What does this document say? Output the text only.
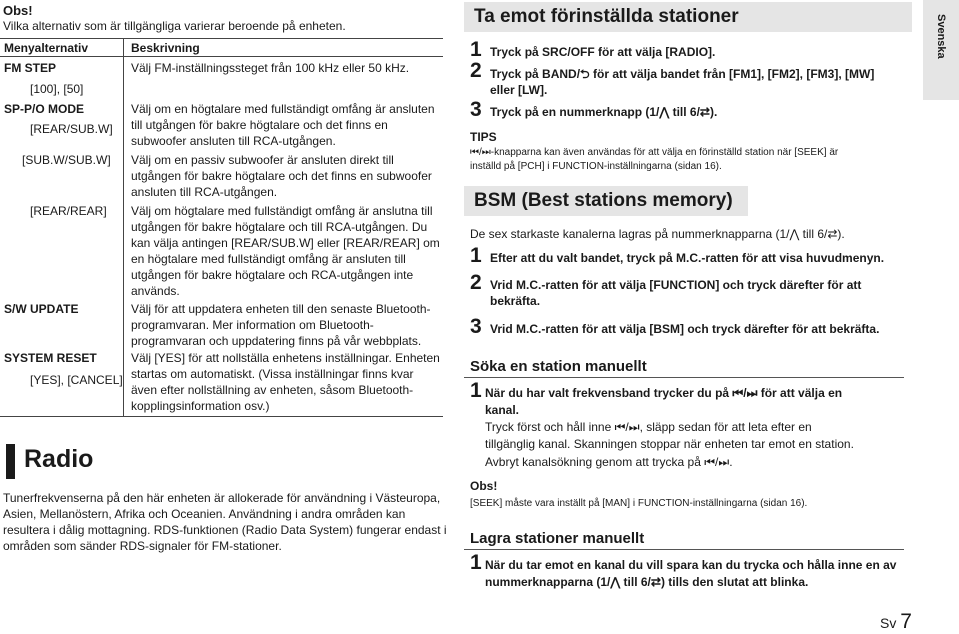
Obs!
Vilka alternativ som är tillgängliga varierar beroende på enheten.
Menyalternativ	Beskrivning
FM STEP
[100], [50]
Välj FM-inställningssteget från 100 kHz eller 50 kHz.
SP-P/O MODE
[REAR/SUB.W]
Välj om en högtalare med fullständigt omfång är ansluten till utgången för bakre högtalare och det finns en subwoofer ansluten till RCA-utgången.
[SUB.W/SUB.W] Välj om en passiv subwoofer är ansluten direkt till utgången för bakre högtalare och det finns en subwoofer ansluten till RCA-utgången.
[REAR/REAR] Välj om högtalare med fullständigt omfång är anslutna till utgången för bakre högtalare och till RCA-utgången. Du kan välja antingen [REAR/SUB.W] eller [REAR/REAR] om en högtalare med fullständigt omfång är ansluten till utgången för bakre högtalare och RCA-utgången inte används.
S/W UPDATE	Välj för att uppdatera enheten till den senaste Bluetooth-programvaran. Mer information om Bluetooth-programvaran och uppdatering finns på vår webbplats.
SYSTEM RESET
[YES], [CANCEL]
Välj [YES] för att nollställa enhetens inställningar. Enheten startas om automatiskt. (Vissa inställningar finns kvar även efter nollställning av enheten, såsom Bluetooth-kopplingsinformation osv.)
Radio
Tunerfrekvenserna på den här enheten är allokerade för användning i Västeuropa, Asien, Mellanöstern, Afrika och Oceanien. Användning i andra områden kan resultera i dålig mottagning. RDS-funktionen (Radio Data System) fungerar endast i områden som sänder RDS-signaler för FM-stationer.
Ta emot förinställda stationer
1 Tryck på SRC/OFF för att välja [RADIO].
2 Tryck på BAND/⮌ för att välja bandet från [FM1], [FM2], [FM3], [MW]
eller [LW].
3 Tryck på en nummerknapp (1/⋀ till 6/⇄).
TIPS
⏮/⏭-knapparna kan även användas för att välja en förinställd station när [SEEK] är
inställd på [PCH] i FUNCTION-inställningarna (sidan 16).
BSM (Best stations memory)
De sex starkaste kanalerna lagras på nummerknapparna (1/⋀ till 6/⇄).
1 Efter att du valt bandet, tryck på M.C.-ratten för att visa huvudmenyn.
2 Vrid M.C.-ratten för att välja [FUNCTION] och tryck därefter för att
bekräfta.
3 Vrid M.C.-ratten för att välja [BSM] och tryck därefter för att bekräfta.
Söka en station manuellt
1 När du har valt frekvensband trycker du på ⏮/⏭ för att välja en
kanal.
Tryck först och håll inne ⏮/⏭, släpp sedan för att leta efter en
tillgänglig kanal. Skanningen stoppar när enheten tar emot en station.
Avbryt kanalsökning genom att trycka på ⏮/⏭.
Obs!
[SEEK] måste vara inställt på [MAN] i FUNCTION-inställningarna (sidan 16).
Lagra stationer manuellt
1 När du tar emot en kanal du vill spara kan du trycka och hålla inne en av
nummerknapparna (1/⋀ till 6/⇄) tills den slutat att blinka.
Svenska
Sv 7
